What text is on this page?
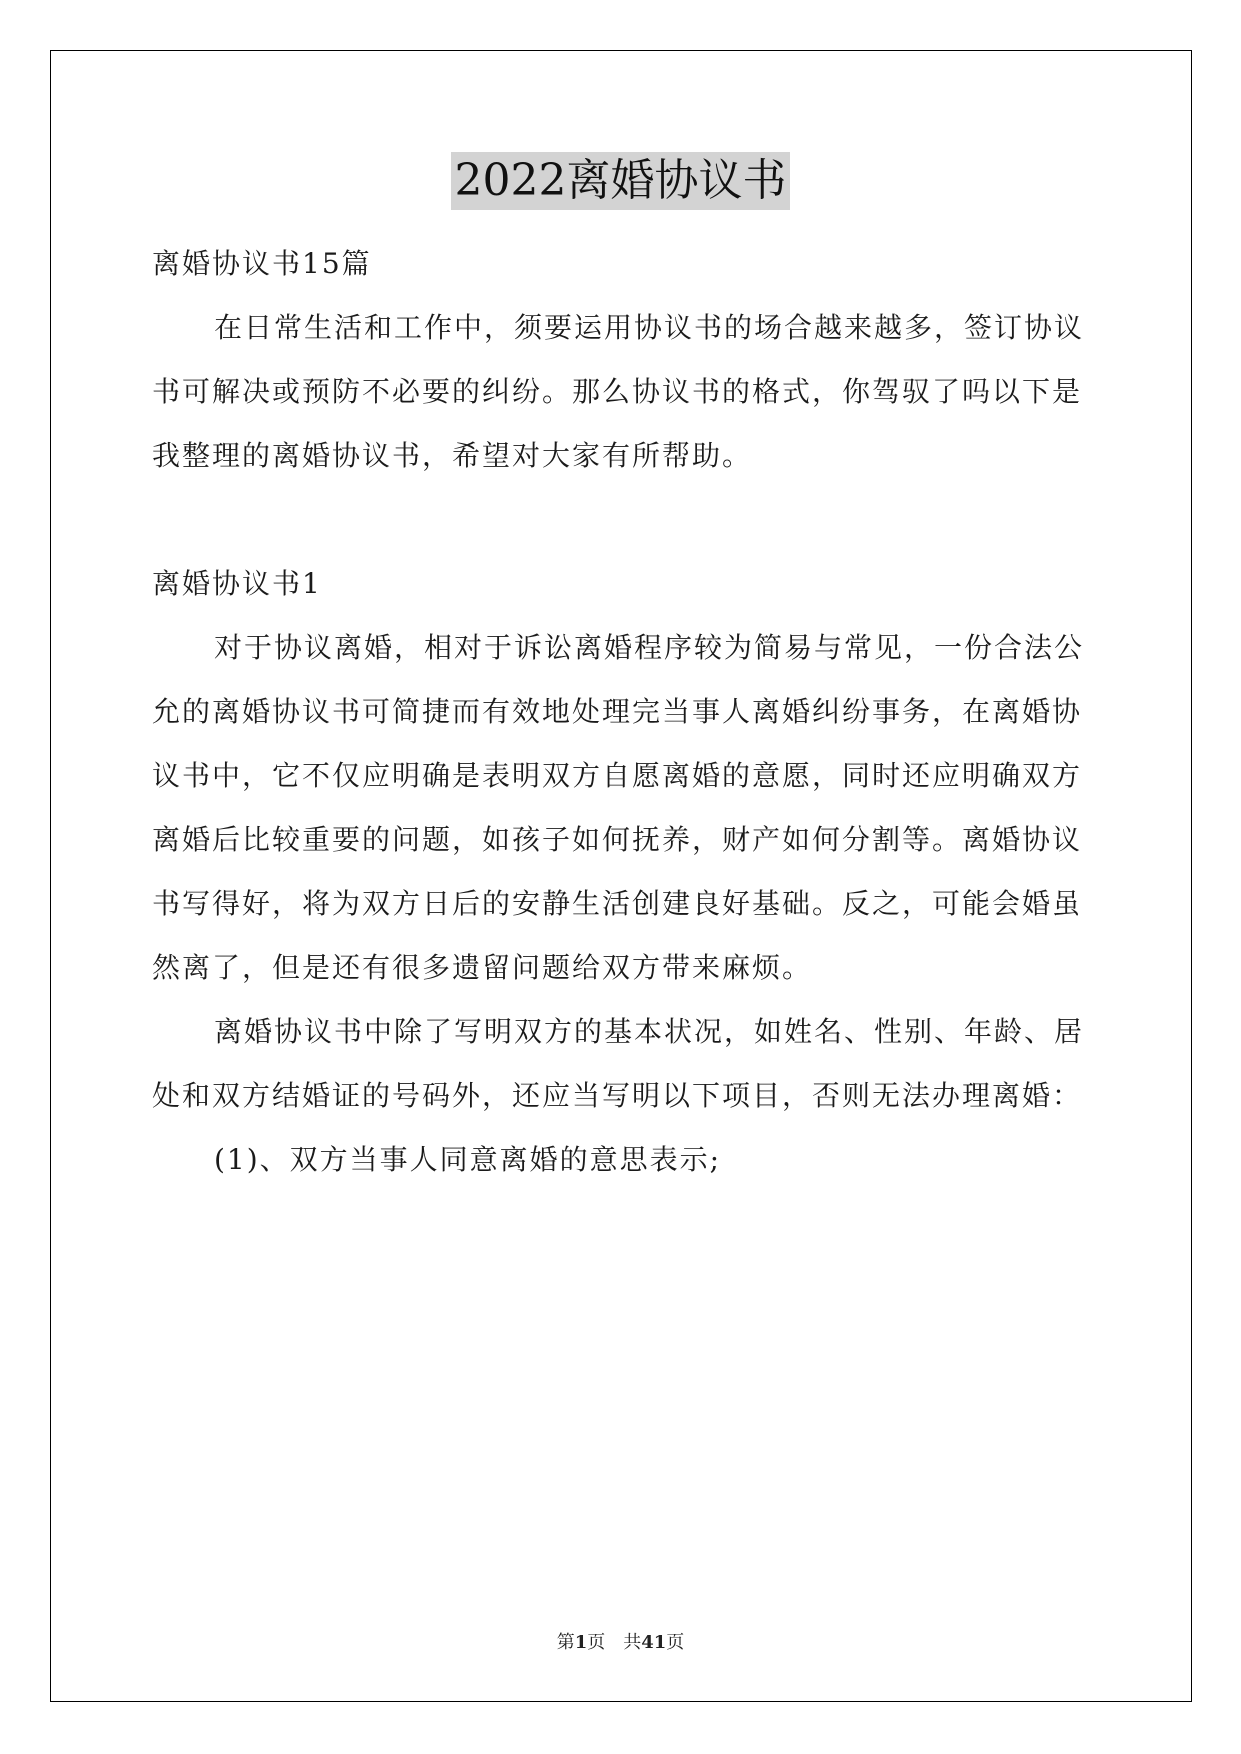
2022离婚协议书

离婚协议书15篇

在日常生活和工作中，须要运用协议书的场合越来越多，签订协议书可解决或预防不必要的纠纷。那么协议书的格式，你驾驭了吗以下是我整理的离婚协议书，希望对大家有所帮助。

离婚协议书1

对于协议离婚，相对于诉讼离婚程序较为简易与常见，一份合法公允的离婚协议书可简捷而有效地处理完当事人离婚纠纷事务，在离婚协议书中，它不仅应明确是表明双方自愿离婚的意愿，同时还应明确双方离婚后比较重要的问题，如孩子如何抚养，财产如何分割等。离婚协议书写得好，将为双方日后的安静生活创建良好基础。反之，可能会婚虽然离了，但是还有很多遗留问题给双方带来麻烦。

离婚协议书中除了写明双方的基本状况，如姓名、性别、年龄、居处和双方结婚证的号码外，还应当写明以下项目，否则无法办理离婚：

(1)、双方当事人同意离婚的意思表示;

第1页 共41页
